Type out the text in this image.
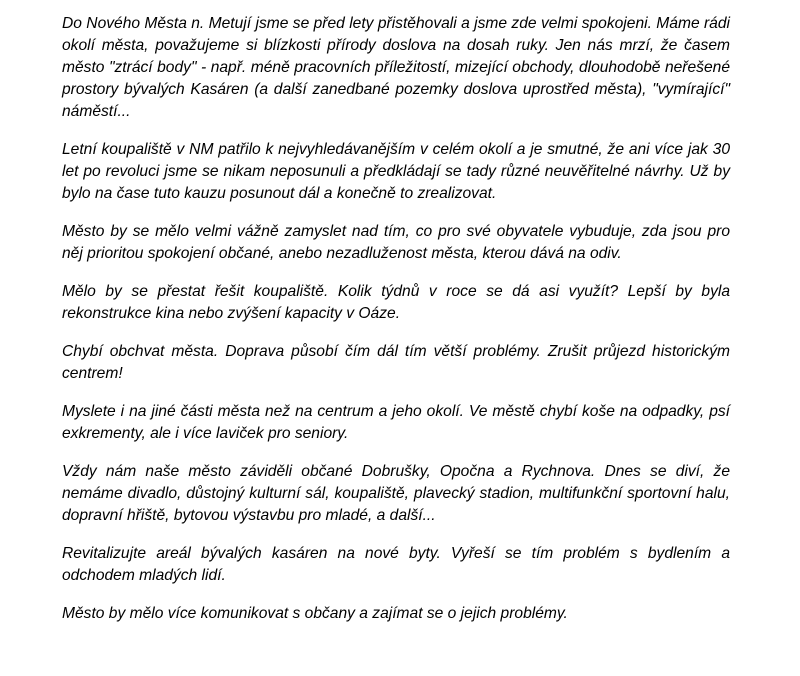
Do Nového Města n. Metují jsme se před lety přistěhovali a jsme zde velmi spokojeni. Máme rádi okolí města, považujeme si blízkosti přírody doslova na dosah ruky. Jen nás mrzí, že časem město "ztrácí body" - např. méně pracovních příležitostí, mizející obchody, dlouhodobě neřešené prostory bývalých Kasáren (a další zanedbané pozemky doslova uprostřed města), "vymírající" náměstí...

Letní koupaliště v NM patřilo k nejvyhledávanějším v celém okolí a je smutné, že ani více jak 30 let po revoluci jsme se nikam neposunuli a předkládají se tady různé neuvěřitelné návrhy. Už by bylo na čase tuto kauzu posunout dál a konečně to zrealizovat.

Město by se mělo velmi vážně zamyslet nad tím, co pro své obyvatele vybuduje, zda jsou pro něj prioritou spokojení občané, anebo nezadluženost města, kterou dává na odiv.

Mělo by se přestat řešit koupaliště. Kolik týdnů v roce se dá asi využít? Lepší by byla rekonstrukce kina nebo zvýšení kapacity v Oáze.

Chybí obchvat města. Doprava působí čím dál tím větší problémy. Zrušit průjezd historickým centrem!

Myslete i na jiné části města než na centrum a jeho okolí. Ve městě chybí koše na odpadky, psí exkrementy, ale i více laviček pro seniory.

Vždy nám naše město záviděli občané Dobrušky, Opočna a Rychnova. Dnes se diví, že nemáme divadlo, důstojný kulturní sál, koupaliště, plavecký stadion, multifunkční sportovní halu, dopravní hřiště, bytovou výstavbu pro mladé, a další...

Revitalizujte areál bývalých kasáren na nové byty. Vyřeší se tím problém s bydlením a odchodem mladých lidí.

Město by mělo více komunikovat s občany a zajímat se o jejich problémy.
